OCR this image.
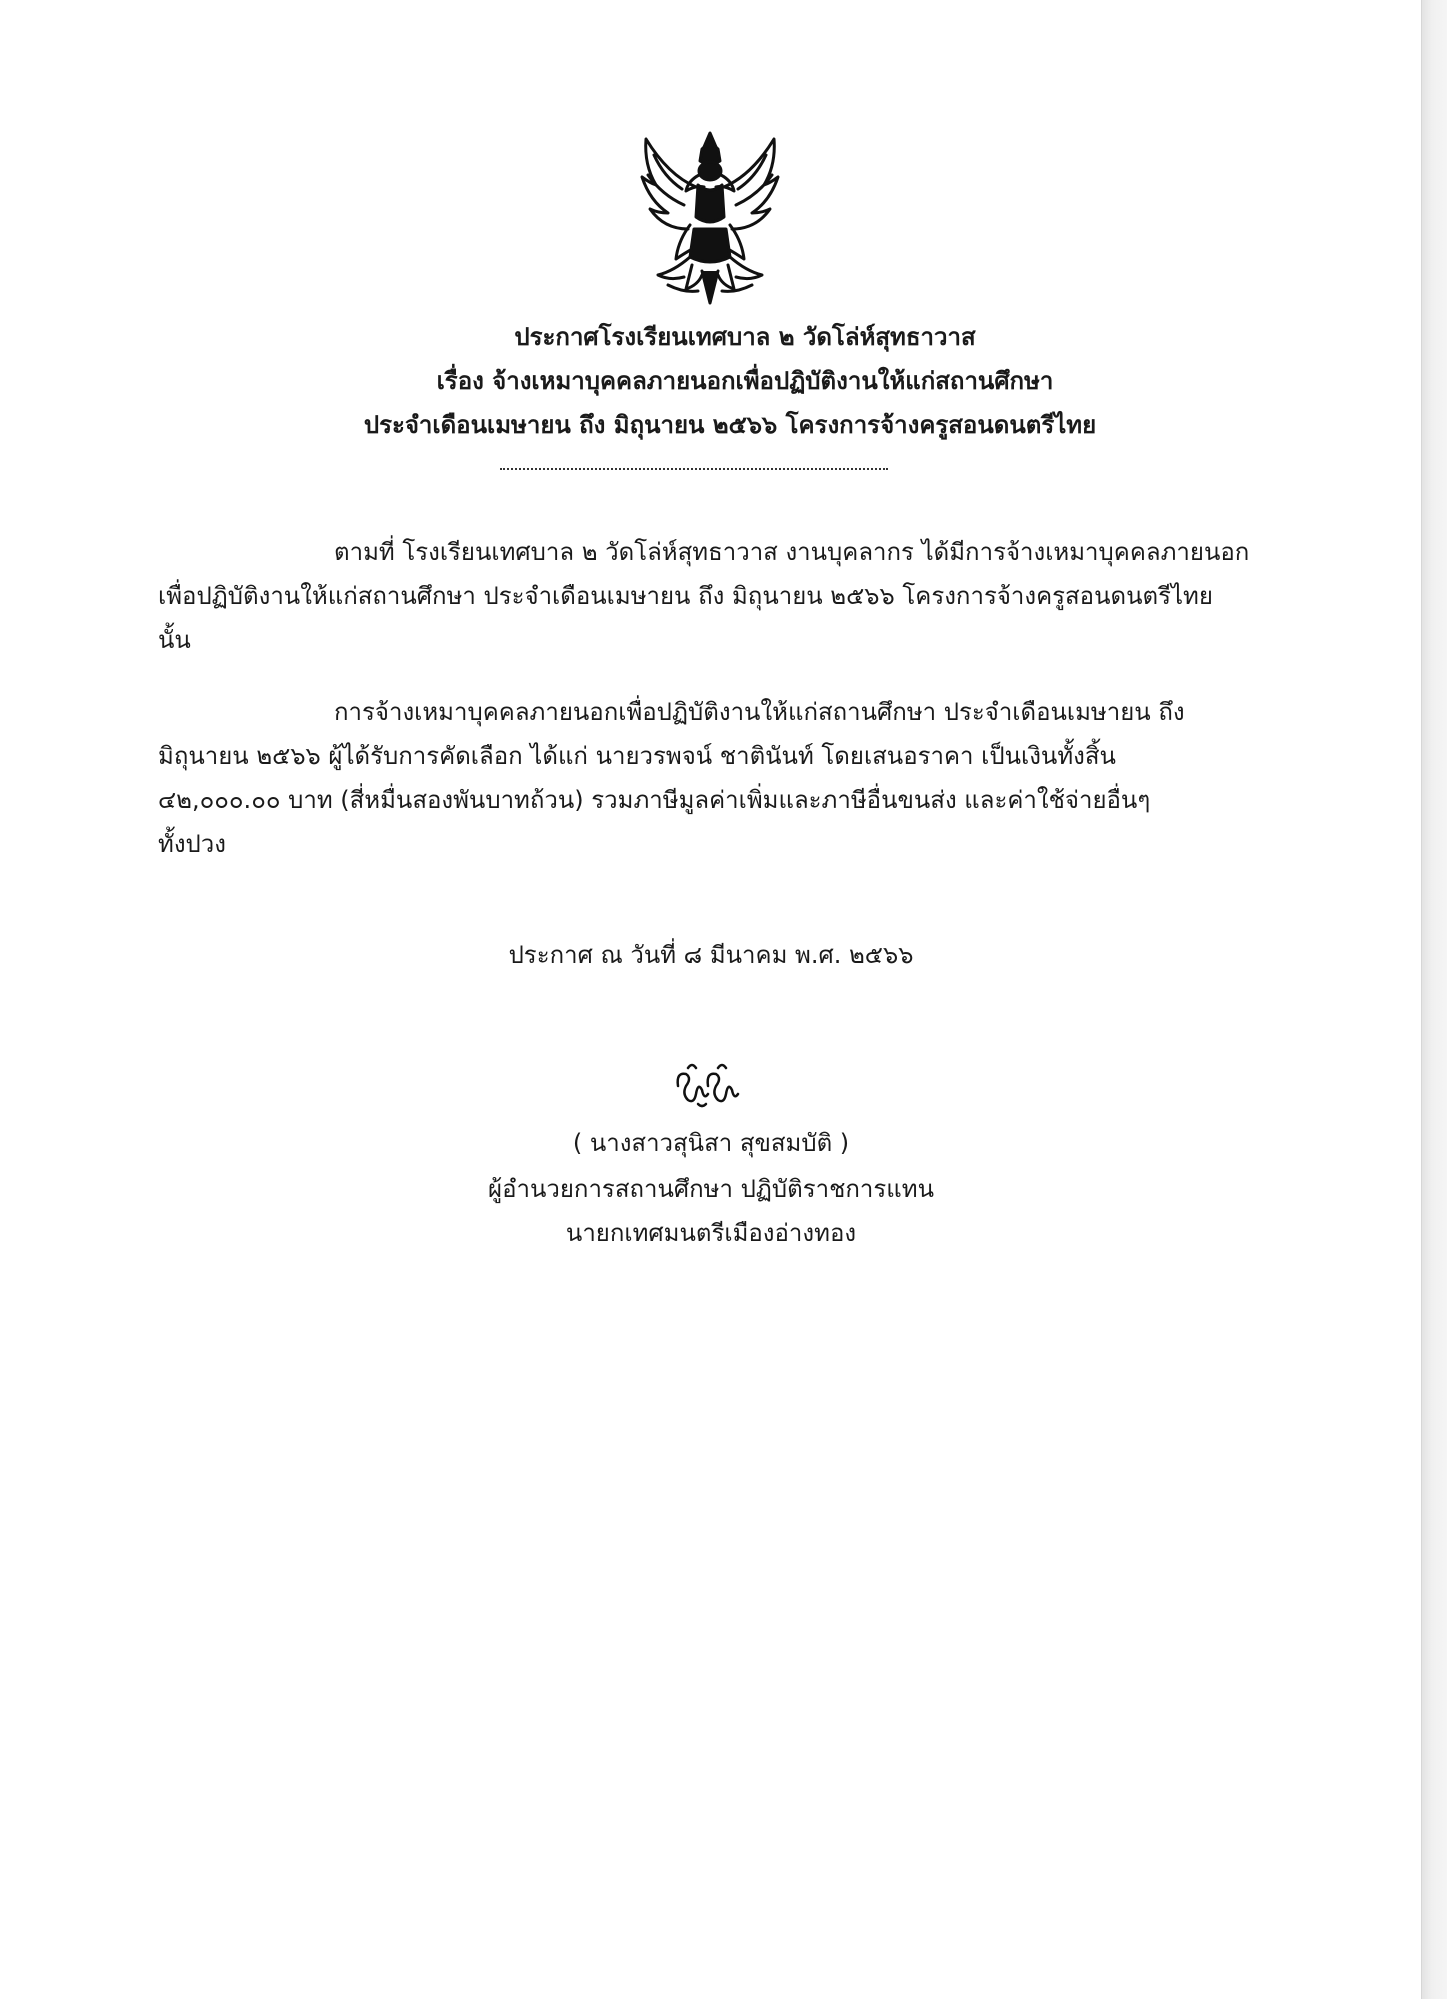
ประกาศโรงเรียนเทศบาล ๒ วัดโล่ห์สุทธาวาส
เรื่อง จ้างเหมาบุคคลภายนอกเพื่อปฏิบัติงานให้แก่สถานศึกษา
ประจำเดือนเมษายน ถึง มิถุนายน ๒๕๖๖ โครงการจ้างครูสอนดนตรีไทย
ตามที่ โรงเรียนเทศบาล ๒ วัดโล่ห์สุทธาวาส งานบุคลากร ได้มีการจ้างเหมาบุคคลภายนอก
เพื่อปฏิบัติงานให้แก่สถานศึกษา ประจำเดือนเมษายน ถึง มิถุนายน ๒๕๖๖ โครงการจ้างครูสอนดนตรีไทย
นั้น
การจ้างเหมาบุคคลภายนอกเพื่อปฏิบัติงานให้แก่สถานศึกษา ประจำเดือนเมษายน ถึง
มิถุนายน ๒๕๖๖ ผู้ได้รับการคัดเลือก ได้แก่ นายวรพจน์ ชาตินันท์ โดยเสนอราคา เป็นเงินทั้งสิ้น
๔๒,๐๐๐.๐๐ บาท (สี่หมื่นสองพันบาทถ้วน) รวมภาษีมูลค่าเพิ่มและภาษีอื่นขนส่ง และค่าใช้จ่ายอื่นๆ
ทั้งปวง
ประกาศ ณ วันที่ ๘ มีนาคม พ.ศ. ๒๕๖๖
( นางสาวสุนิสา สุขสมบัติ )
ผู้อำนวยการสถานศึกษา ปฏิบัติราชการแทน
นายกเทศมนตรีเมืองอ่างทอง
